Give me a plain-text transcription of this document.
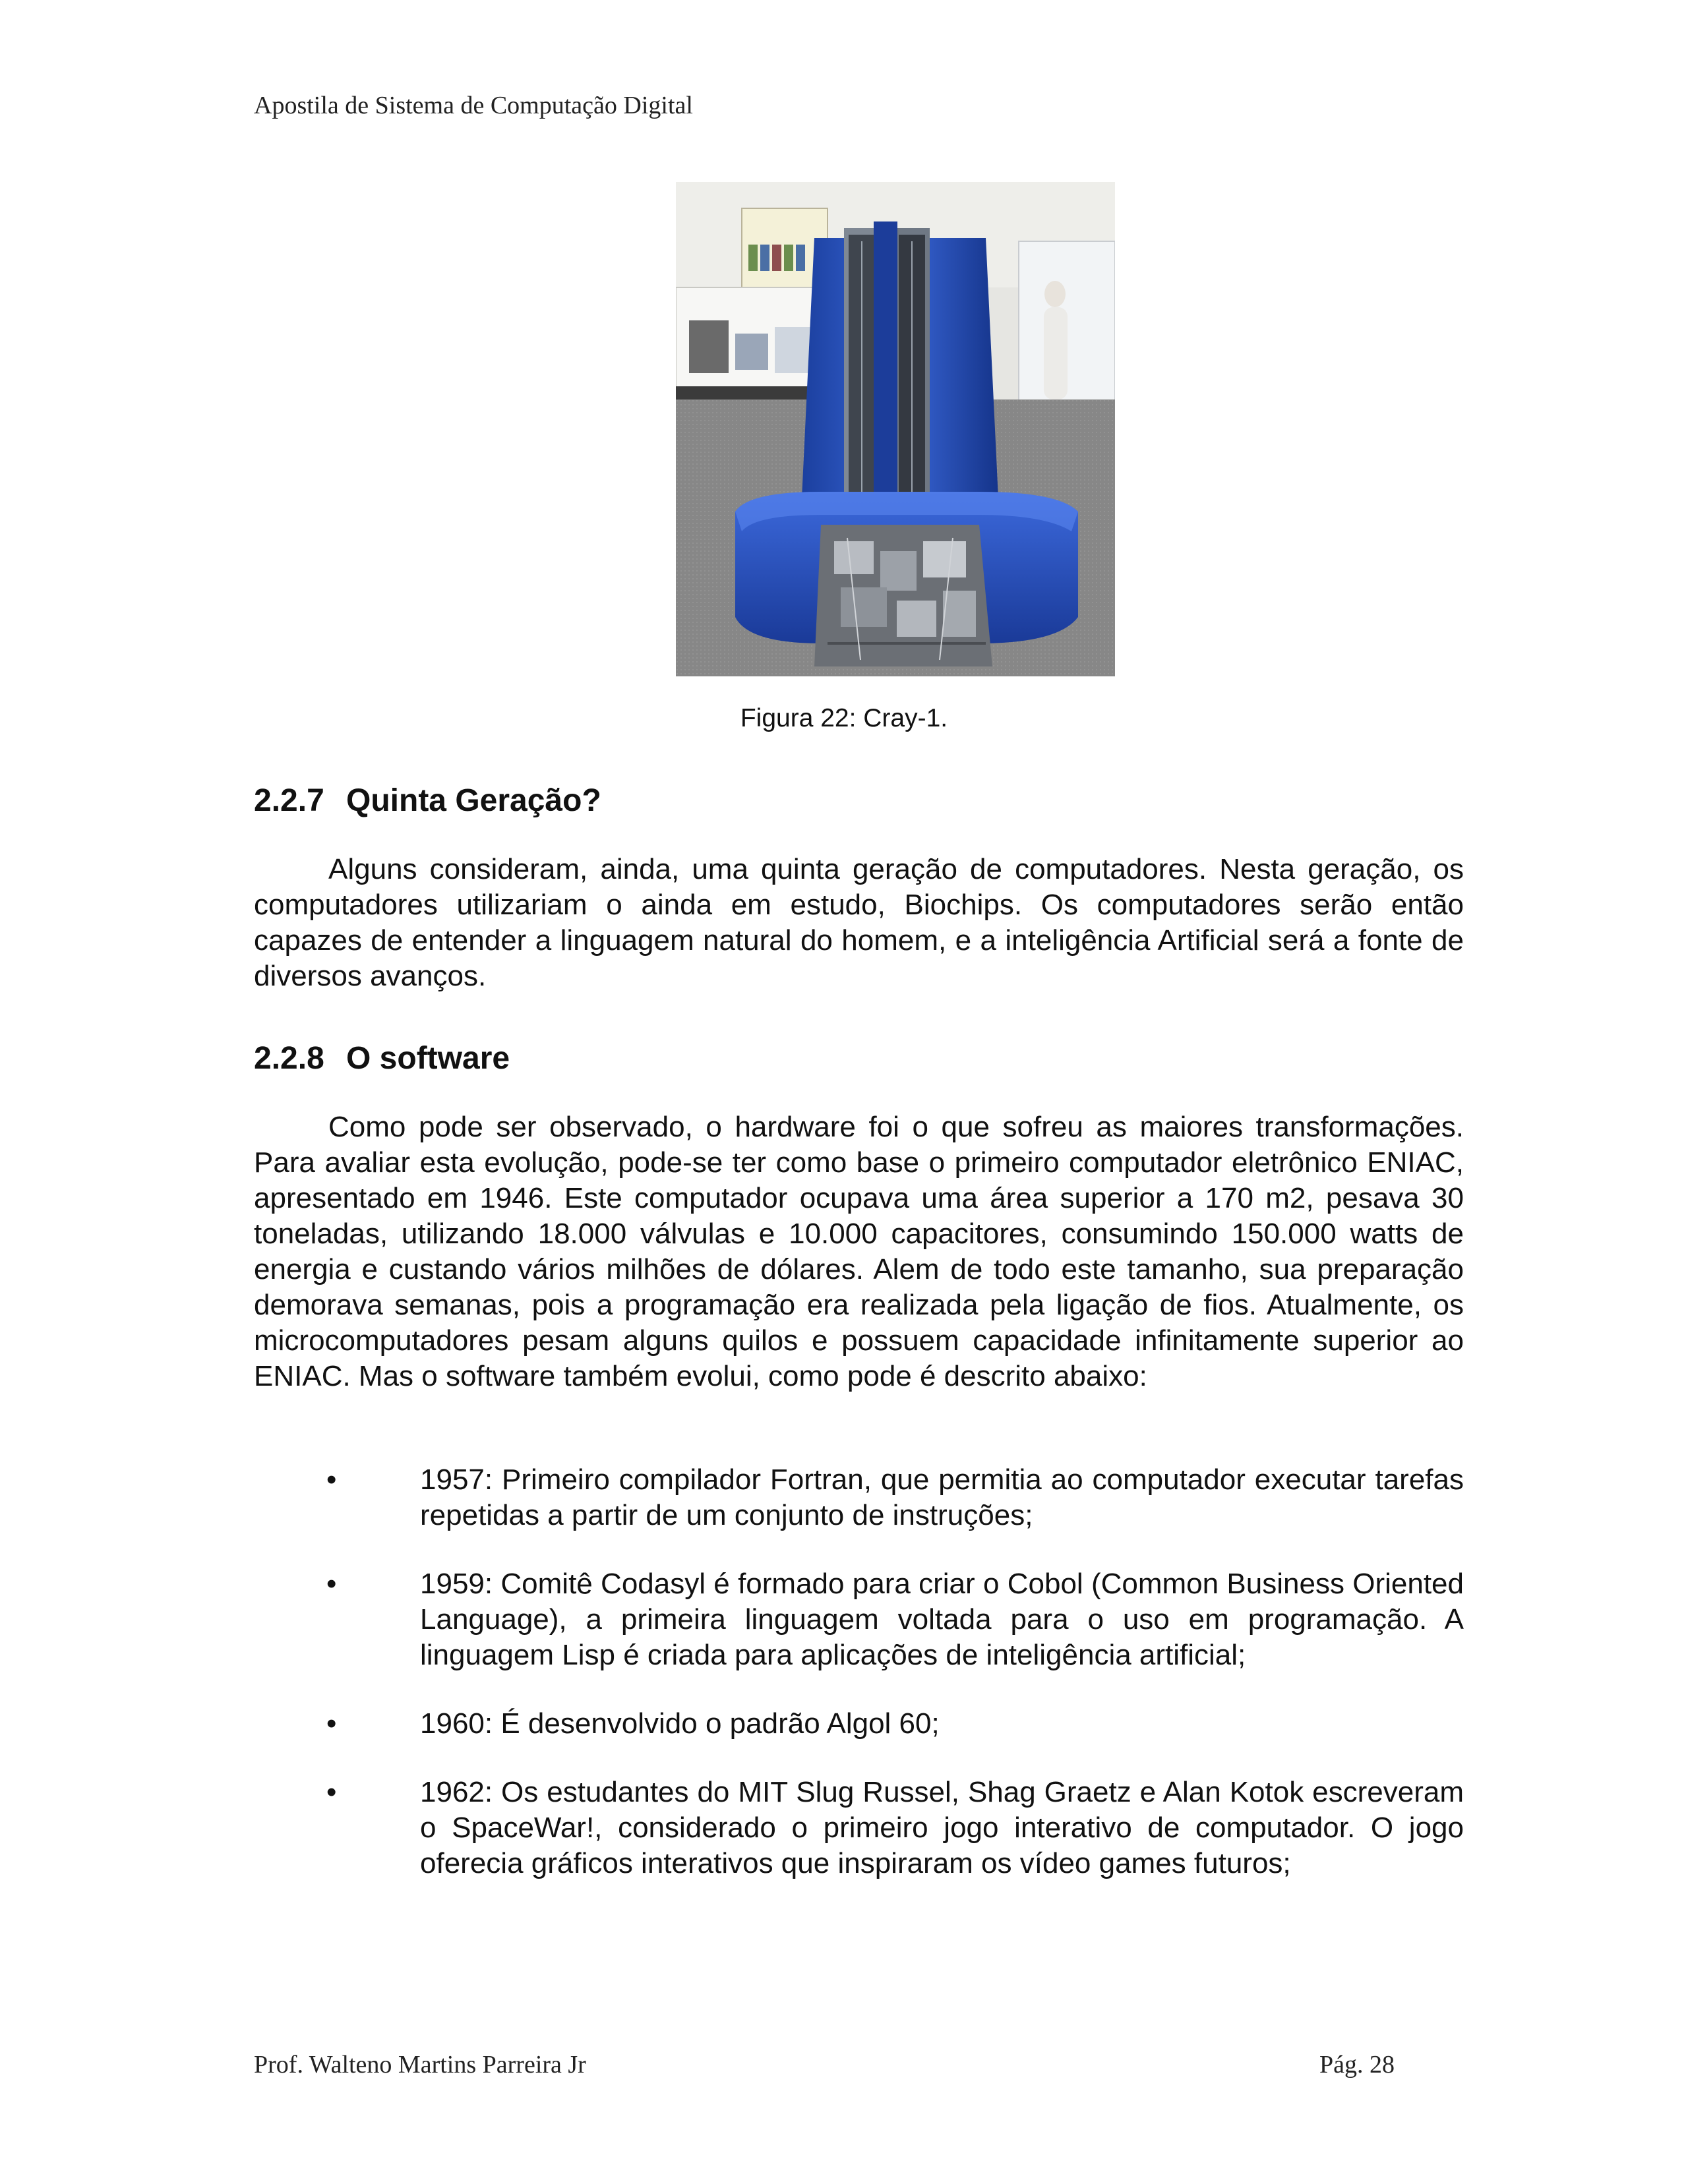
Apostila de Sistema de Computação Digital
Figura 22: Cray-1.
2.2.7 Quinta Geração?
Alguns consideram, ainda, uma quinta geração de computadores. Nesta geração, os computadores utilizariam o ainda em estudo, Biochips. Os computadores serão então capazes de entender a linguagem natural do homem, e a inteligência Artificial será a fonte de diversos avanços.
2.2.8 O software
Como pode ser observado, o hardware foi o que sofreu as maiores transformações. Para avaliar esta evolução, pode-se ter como base o primeiro computador eletrônico ENIAC, apresentado em 1946. Este computador ocupava uma área superior a 170 m2, pesava 30 toneladas, utilizando 18.000 válvulas e 10.000 capacitores, consumindo 150.000 watts de energia e custando vários milhões de dólares. Alem de todo este tamanho, sua preparação demorava semanas, pois a programação era realizada pela ligação de fios. Atualmente, os microcomputadores pesam alguns quilos e possuem capacidade infinitamente superior ao ENIAC. Mas o software também evolui, como pode é descrito abaixo:
•	1957: Primeiro compilador Fortran, que permitia ao computador executar tarefas repetidas a partir de um conjunto de instruções;
•	1959: Comitê Codasyl é formado para criar o Cobol (Common Business Oriented Language), a primeira linguagem voltada para o uso em programação. A linguagem Lisp é criada para aplicações de inteligência artificial;
•	1960: É desenvolvido o padrão Algol 60;
•	1962: Os estudantes do MIT Slug Russel, Shag Graetz e Alan Kotok escreveram o SpaceWar!, considerado o primeiro jogo interativo de computador. O jogo oferecia gráficos interativos que inspiraram os vídeo games futuros;
Prof. Walteno Martins Parreira Jr	Pág. 28
